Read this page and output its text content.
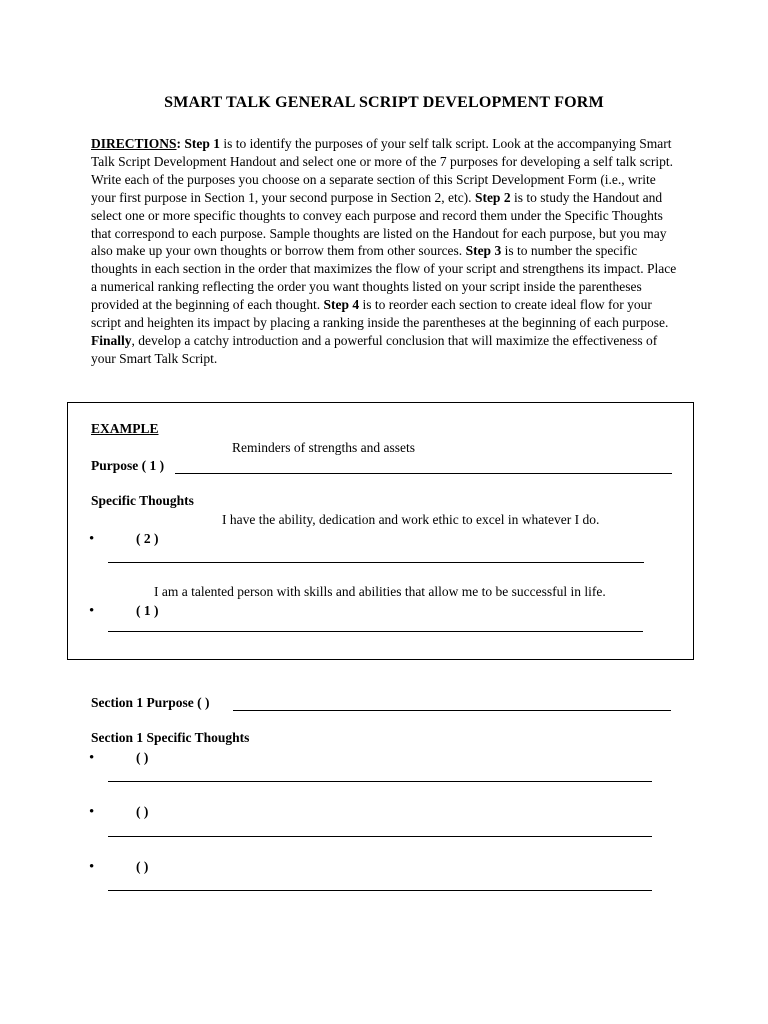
SMART TALK GENERAL SCRIPT DEVELOPMENT FORM

DIRECTIONS: Step 1 is to identify the purposes of your self talk script. Look at the accompanying Smart Talk Script Development Handout and select one or more of the 7 purposes for developing a self talk script. Write each of the purposes you choose on a separate section of this Script Development Form (i.e., write your first purpose in Section 1, your second purpose in Section 2, etc). Step 2 is to study the Handout and select one or more specific thoughts to convey each purpose and record them under the Specific Thoughts that correspond to each purpose. Sample thoughts are listed on the Handout for each purpose, but you may also make up your own thoughts or borrow them from other sources. Step 3 is to number the specific thoughts in each section in the order that maximizes the flow of your script and strengthens its impact. Place a numerical ranking reflecting the order you want thoughts listed on your script inside the parentheses provided at the beginning of each thought. Step 4 is to reorder each section to create ideal flow for your script and heighten its impact by placing a ranking inside the parentheses at the beginning of each purpose. Finally, develop a catchy introduction and a powerful conclusion that will maximize the effectiveness of your Smart Talk Script.

EXAMPLE
Reminders of strengths and assets
Purpose ( 1 )
Specific Thoughts
I have the ability, dedication and work ethic to excel in whatever I do.
•	( 2 )
I am a talented person with skills and abilities that allow me to be successful in life.
•	( 1 )
Section 1 Purpose ( )
Section 1 Specific Thoughts
•	( )
•	( )
•	( )
